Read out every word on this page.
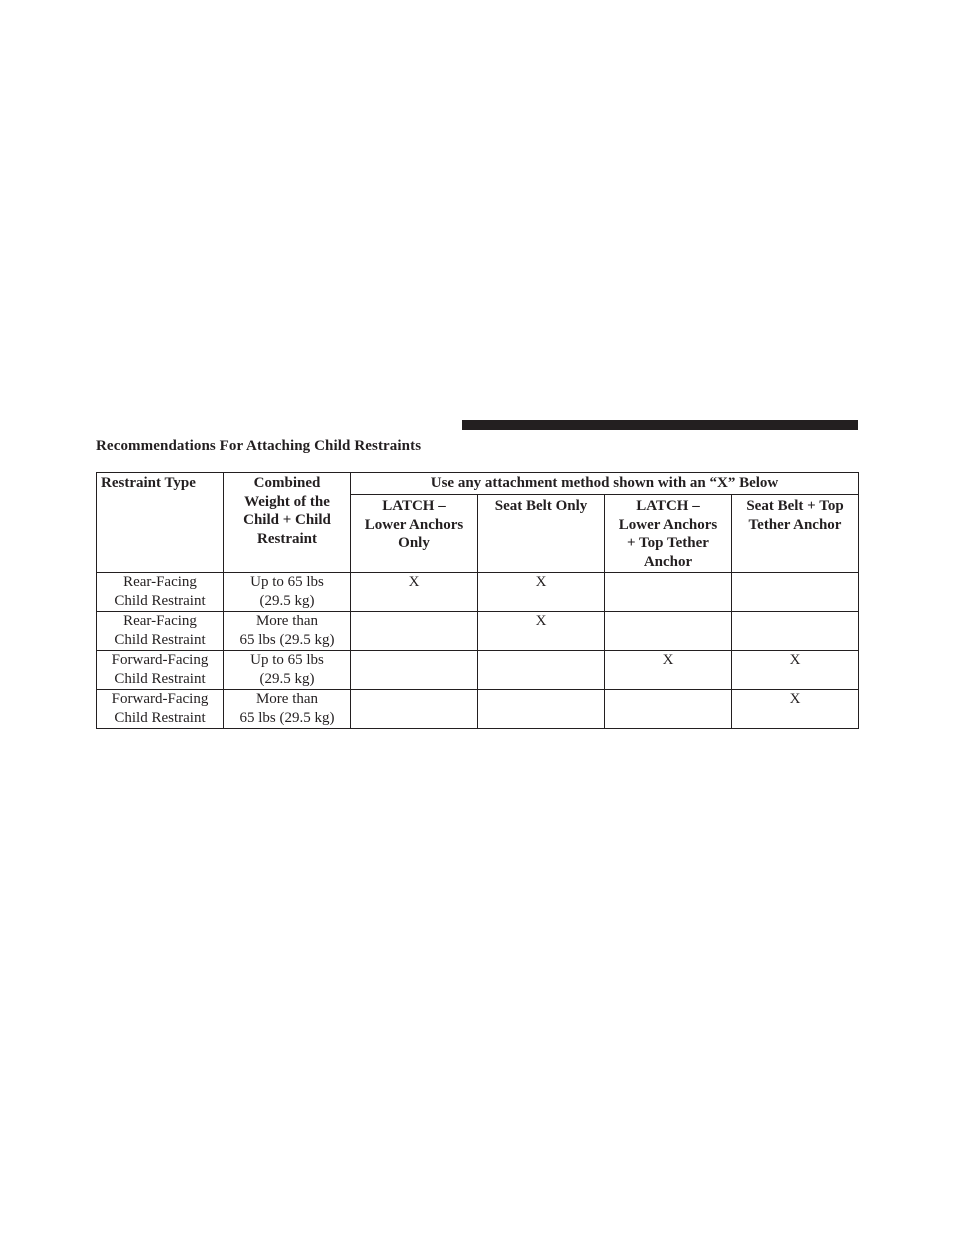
Recommendations For Attaching Child Restraints
Restraint Type	Combined
Weight of the
Child + Child
Restraint	Use any attachment method shown with an “X” Below			

		LATCH –
Lower Anchors
Only	Seat Belt Only	LATCH –
Lower Anchors
+ Top Tether
Anchor	Seat Belt + Top
Tether Anchor

Rear-Facing
Child Restraint	Up to 65 lbs
(29.5 kg)	X	X		

Rear-Facing
Child Restraint	More than
65 lbs (29.5 kg)		X		

Forward-Facing
Child Restraint	Up to 65 lbs
(29.5 kg)			X	X

Forward-Facing
Child Restraint	More than
65 lbs (29.5 kg)				X
